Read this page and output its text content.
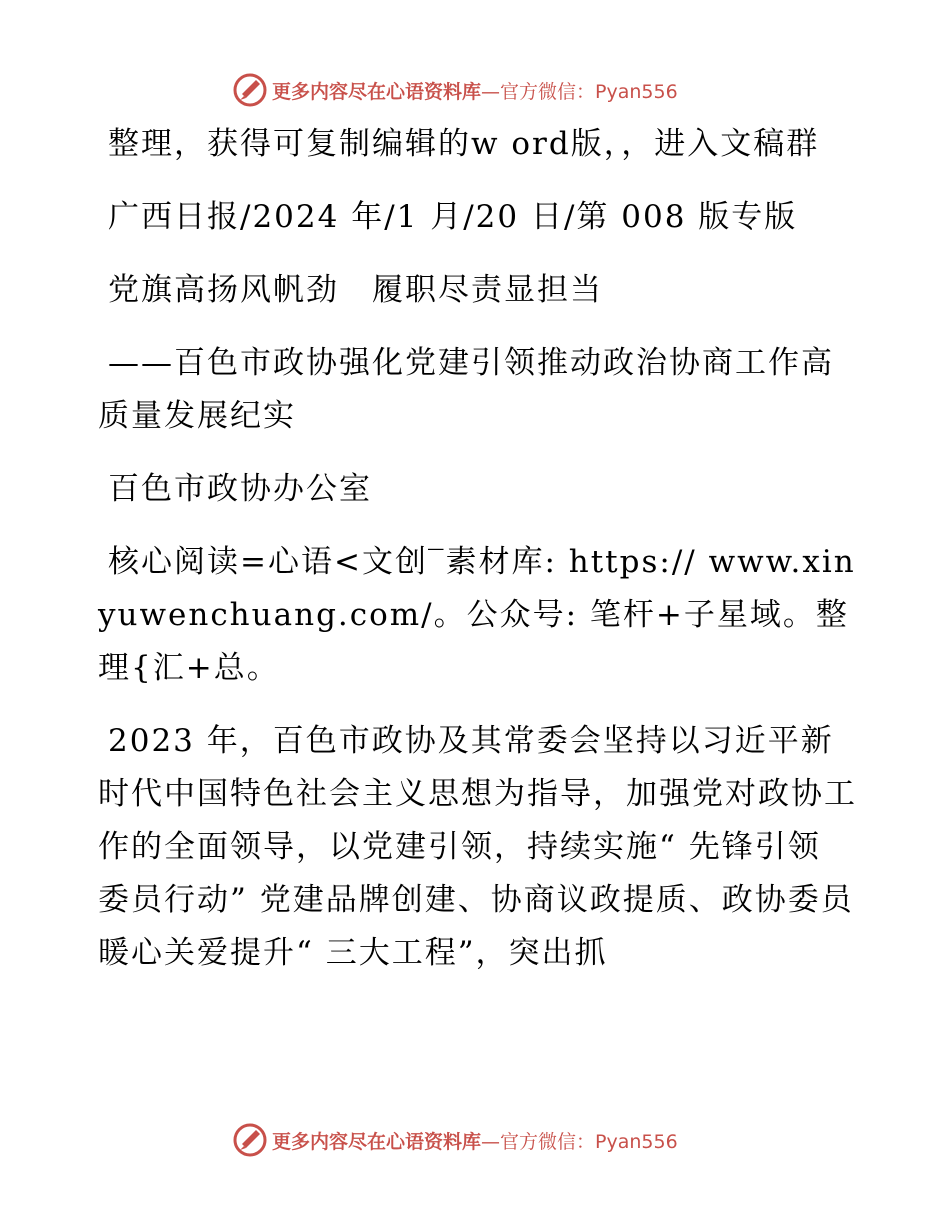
更多内容尽在心语资料库 —官方微信：Pyan556

整理，获得可复制编辑的w ord版，，进入文稿群

广西日报/2024 年/1 月/20 日/第 008 版专版

党旗高扬风帆劲　履职尽责显担当

——百色市政协强化党建引领推动政治协商工作高质量发展纪实

百色市政协办公室

核心阅读=心语<文创‾素材库: https:// www.xinyuwenchuang.com/。公众号: 笔杆+子星域。整理{汇+总。

2023 年，百色市政协及其常委会坚持以习近平新时代中国特色社会主义思想为指导，加强党对政协工作的全面领导，以党建引领，持续实施“ 先锋引领 委员行动” 党建品牌创建、协商议政提质、政协委员暖心关爱提升“ 三大工程”，突出抓

更多内容尽在心语资料库 —官方微信：Pyan556
